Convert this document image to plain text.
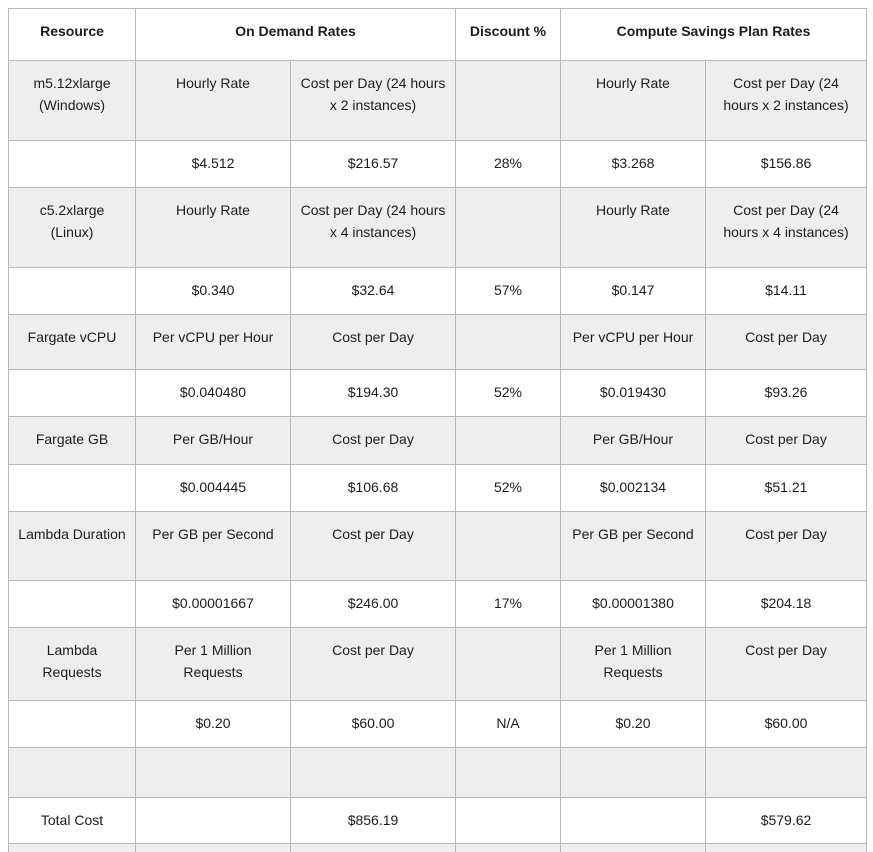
Resource	On Demand Rates		Discount %	Compute Savings Plan Rates	
m5.12xlarge (Windows)	Hourly Rate	Cost per Day (24 hours x 2 instances)		Hourly Rate	Cost per Day (24 hours x 2 instances)
	$4.512	$216.57	28%	$3.268	$156.86
c5.2xlarge (Linux)	Hourly Rate	Cost per Day (24 hours x 4 instances)		Hourly Rate	Cost per Day (24 hours x 4 instances)
	$0.340	$32.64	57%	$0.147	$14.11
Fargate vCPU	Per vCPU per Hour	Cost per Day		Per vCPU per Hour	Cost per Day
	$0.040480	$194.30	52%	$0.019430	$93.26
Fargate GB	Per GB/Hour	Cost per Day		Per GB/Hour	Cost per Day
	$0.004445	$106.68	52%	$0.002134	$51.21
Lambda Duration	Per GB per Second	Cost per Day		Per GB per Second	Cost per Day
	$0.00001667	$246.00	17%	$0.00001380	$204.18
Lambda Requests	Per 1 Million Requests	Cost per Day		Per 1 Million Requests	Cost per Day
	$0.20	$60.00	N/A	$0.20	$60.00

Total Cost		$856.19			$579.62
